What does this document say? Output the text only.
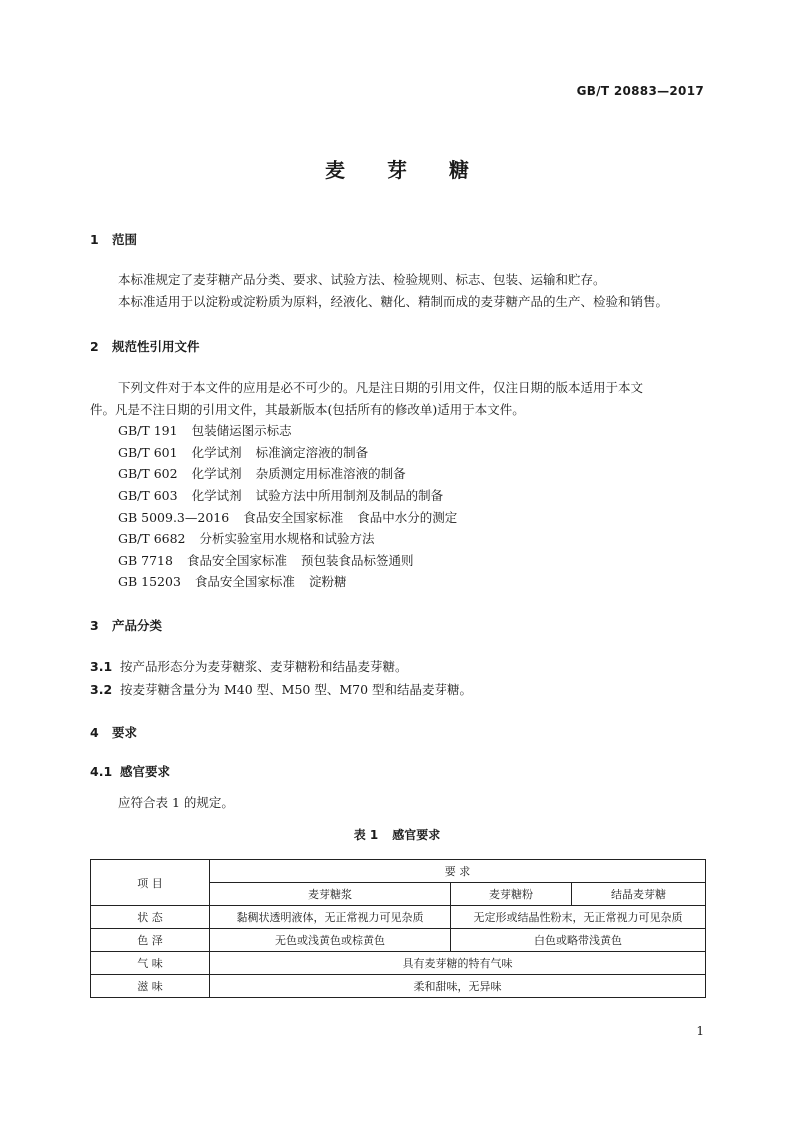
GB/T 20883—2017
麦芽糖
1 范围
本标准规定了麦芽糖产品分类、要求、试验方法、检验规则、标志、包装、运输和贮存。
本标准适用于以淀粉或淀粉质为原料，经液化、糖化、精制而成的麦芽糖产品的生产、检验和销售。
2 规范性引用文件
下列文件对于本文件的应用是必不可少的。凡是注日期的引用文件，仅注日期的版本适用于本文
件。凡是不注日期的引用文件，其最新版本(包括所有的修改单)适用于本文件。
GB/T 191 包装储运图示标志
GB/T 601 化学试剂 标准滴定溶液的制备
GB/T 602 化学试剂 杂质测定用标准溶液的制备
GB/T 603 化学试剂 试验方法中所用制剂及制品的制备
GB 5009.3—2016 食品安全国家标准 食品中水分的测定
GB/T 6682 分析实验室用水规格和试验方法
GB 7718 食品安全国家标准 预包装食品标签通则
GB 15203 食品安全国家标准 淀粉糖
3 产品分类
3.1 按产品形态分为麦芽糖浆、麦芽糖粉和结晶麦芽糖。
3.2 按麦芽糖含量分为 M40 型、M50 型、M70 型和结晶麦芽糖。
4 要求
4.1 感官要求
应符合表 1 的规定。
表 1 感官要求
项 目	要 求		
	麦芽糖浆	麦芽糖粉	结晶麦芽糖
状 态	黏稠状透明液体，无正常视力可见杂质	无定形或结晶性粉末，无正常视力可见杂质	
色 泽	无色或浅黄色或棕黄色	白色或略带浅黄色	
气 味	具有麦芽糖的特有气味		
滋 味	柔和甜味，无异味		
1
